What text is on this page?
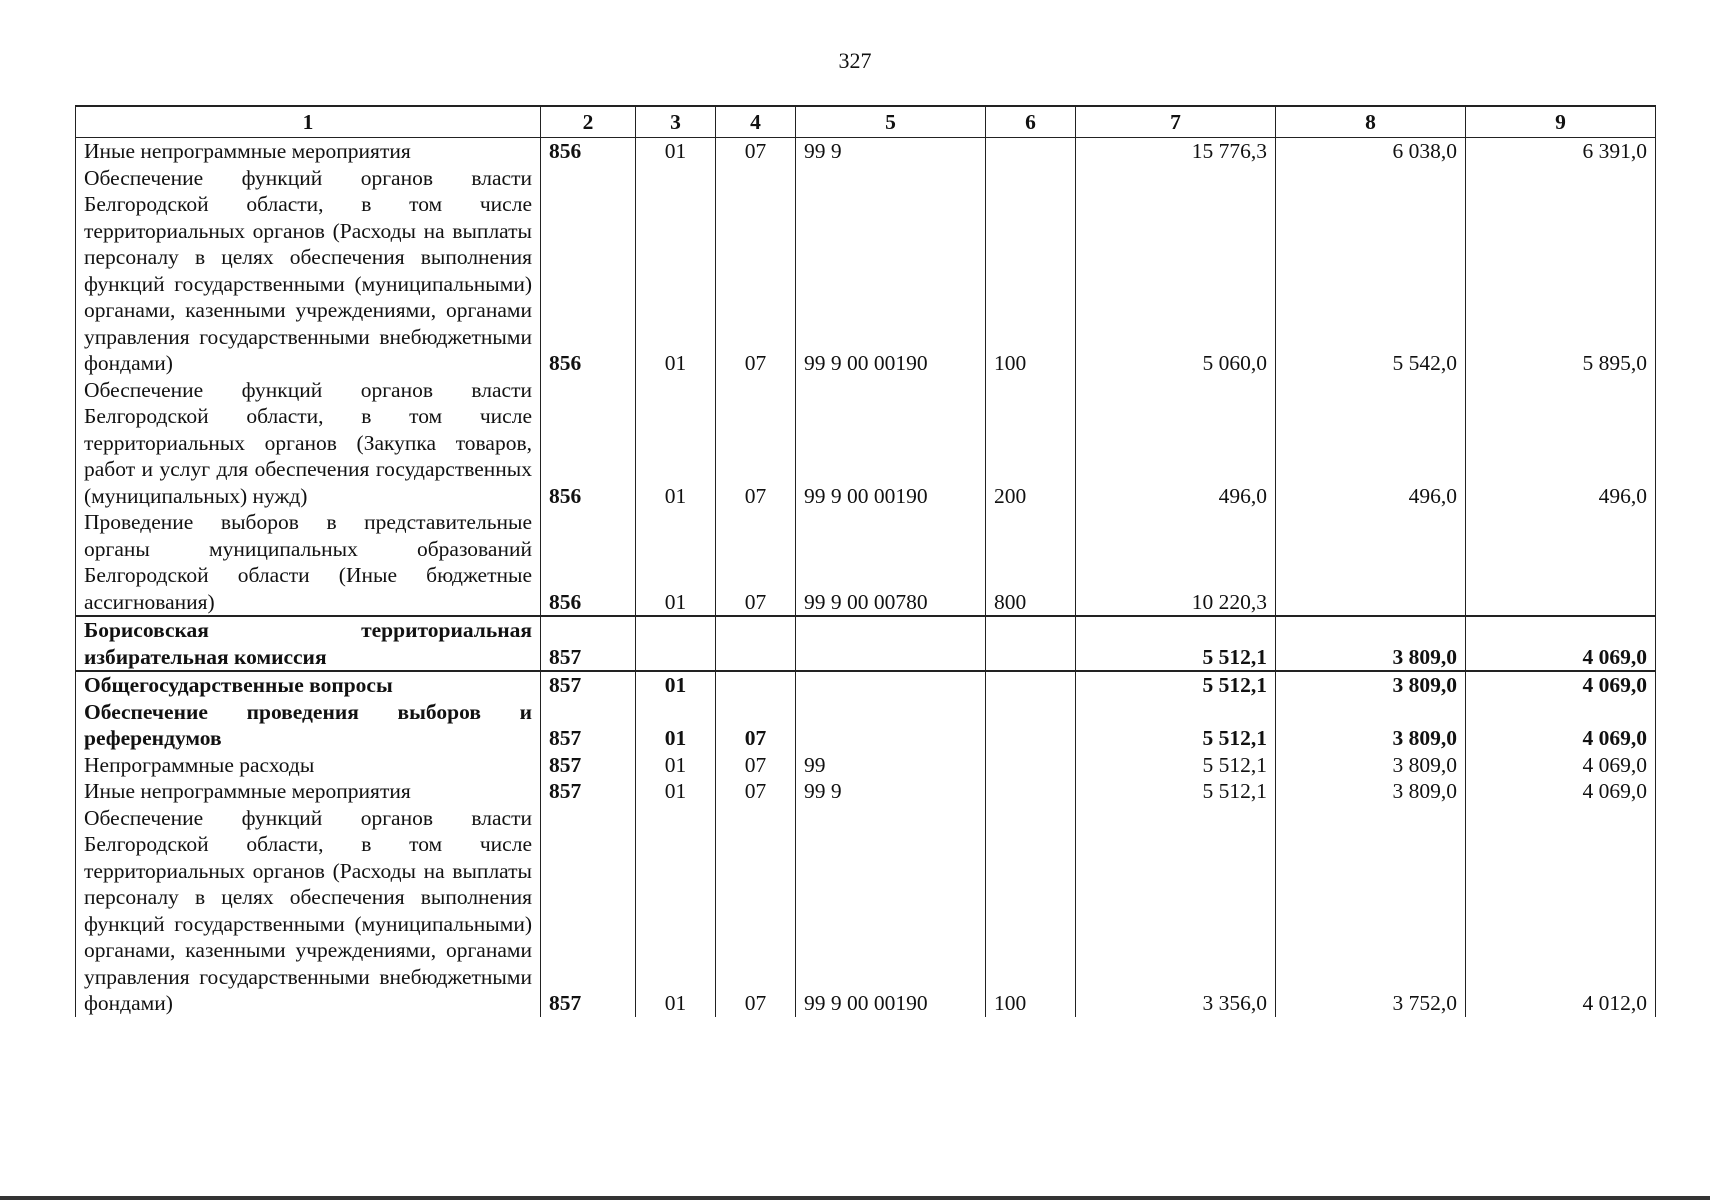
327
1	2	3	4	5	6	7	8	9
Иные непрограммные мероприятия	856	01	07	99 9		15 776,3	6 038,0	6 391,0
Обеспечение функций органов власти Белгородской области, в том числе территориальных органов (Расходы на выплаты персоналу в целях обеспечения выполнения функций государственными (муниципальными) органами, казенными учреждениями, органами управления государственными внебюджетными фондами)	856	01	07	99 9 00 00190	100	5 060,0	5 542,0	5 895,0
Обеспечение функций органов власти Белгородской области, в том числе территориальных органов (Закупка товаров, работ и услуг для обеспечения государственных (муниципальных) нужд)	856	01	07	99 9 00 00190	200	496,0	496,0	496,0
Проведение выборов в представительные органы муниципальных образований Белгородской области (Иные бюджетные ассигнования)	856	01	07	99 9 00 00780	800	10 220,3		
Борисовская территориальная избирательная комиссия	857					5 512,1	3 809,0	4 069,0
Общегосударственные вопросы	857	01				5 512,1	3 809,0	4 069,0
Обеспечение проведения выборов и референдумов	857	01	07			5 512,1	3 809,0	4 069,0
Непрограммные расходы	857	01	07	99		5 512,1	3 809,0	4 069,0
Иные непрограммные мероприятия	857	01	07	99 9		5 512,1	3 809,0	4 069,0
Обеспечение функций органов власти Белгородской области, в том числе территориальных органов (Расходы на выплаты персоналу в целях обеспечения выполнения функций государственными (муниципальными) органами, казенными учреждениями, органами управления государственными внебюджетными фондами)	857	01	07	99 9 00 00190	100	3 356,0	3 752,0	4 012,0
